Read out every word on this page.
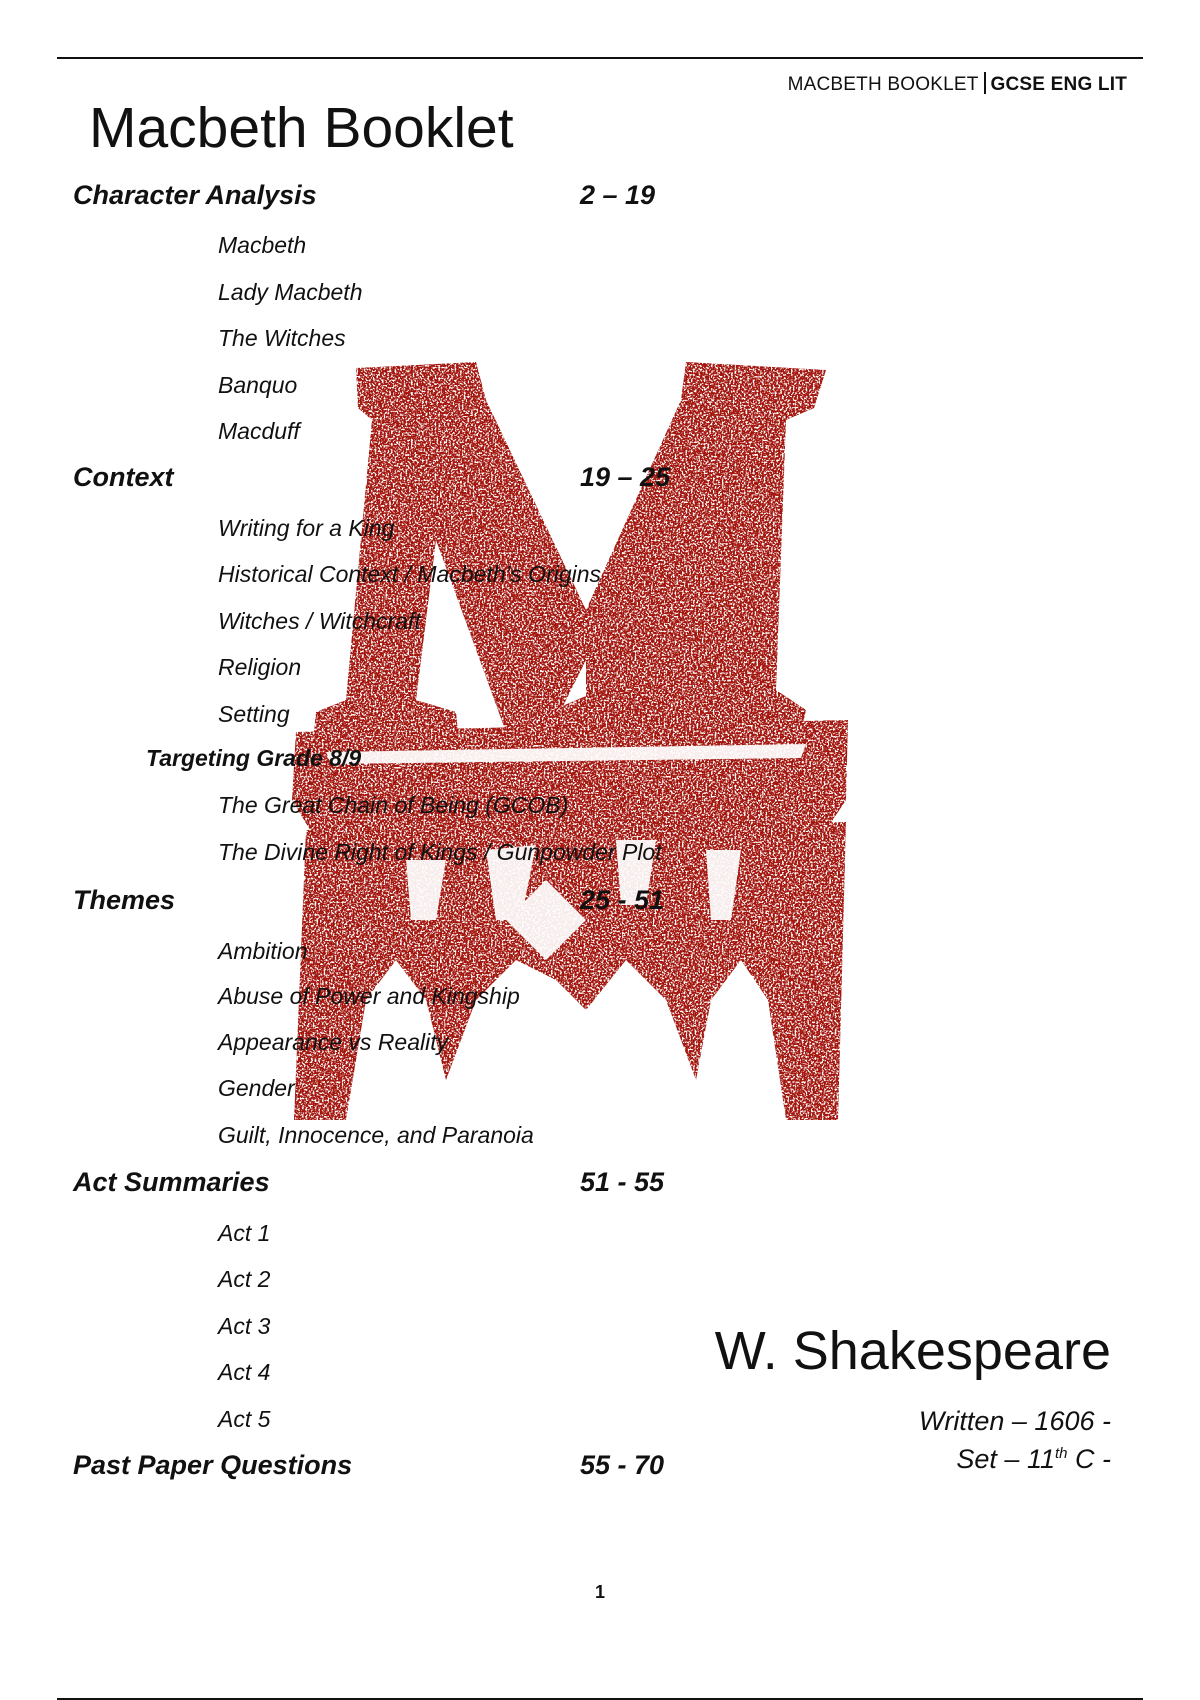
MACBETH BOOKLET GCSE ENG LIT
Macbeth Booklet
Character Analysis	2 – 19
Macbeth
Lady Macbeth
The Witches
Banquo
Macduff
Context	19 – 25
Writing for a King
Historical Context / Macbeth’s Origins
Witches / Witchcraft
Religion
Setting
Targeting Grade 8/9
The Great Chain of Being (GCOB)
The Divine Right of Kings / Gunpowder Plot
Themes	25 - 51
Ambition
Abuse of Power and Kingship
Appearance vs Reality
Gender
Guilt, Innocence, and Paranoia
Act Summaries	51 - 55
Act 1
Act 2
Act 3
Act 4
Act 5
Past Paper Questions	55 - 70
W. Shakespeare
Written – 1606 -
Set – 11th C -
1
